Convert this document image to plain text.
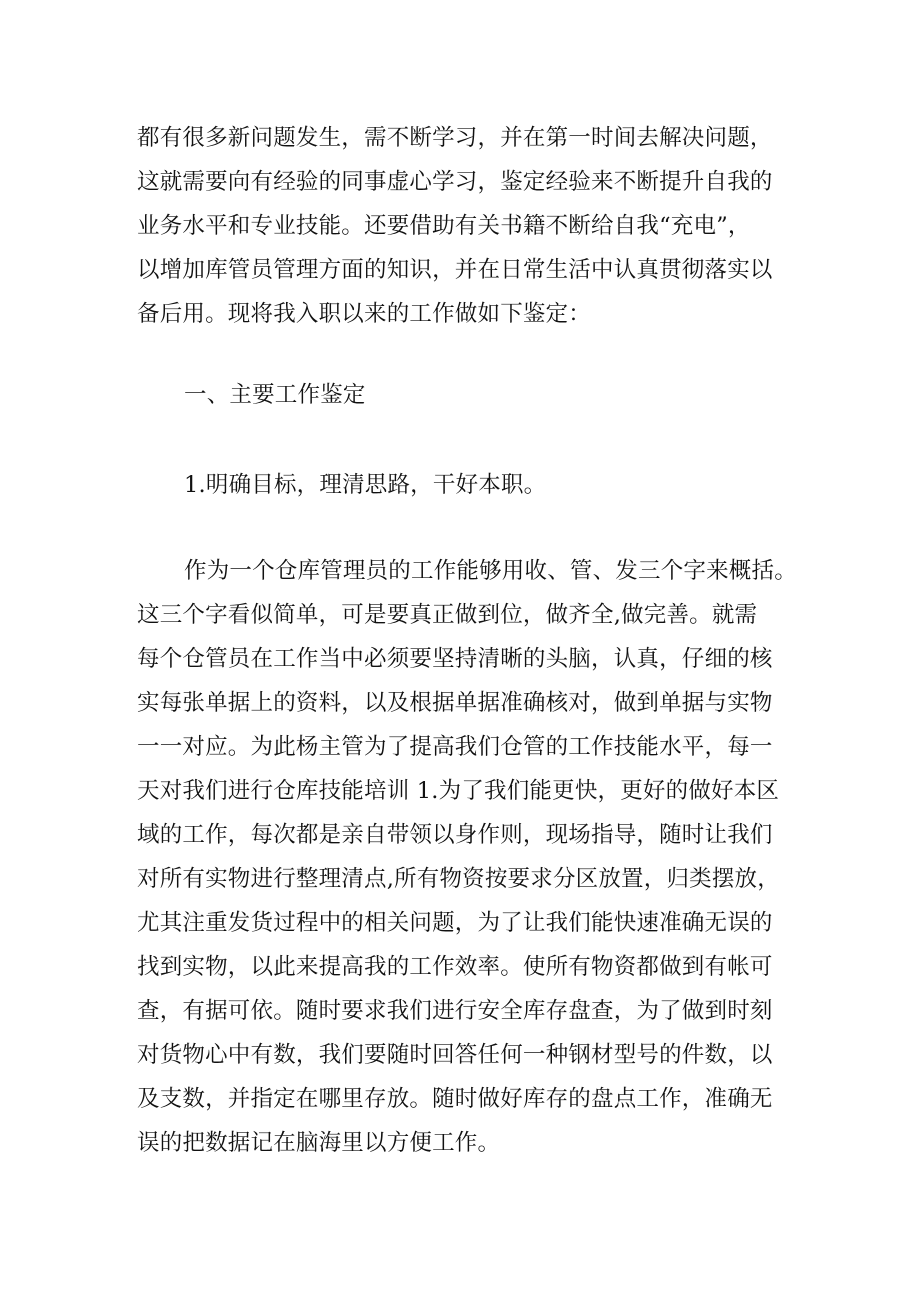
都有很多新问题发生，需不断学习，并在第一时间去解决问题，
这就需要向有经验的同事虚心学习，鉴定经验来不断提升自我的
业务水平和专业技能。还要借助有关书籍不断给自我“充电”，
以增加库管员管理方面的知识，并在日常生活中认真贯彻落实以
备后用。现将我入职以来的工作做如下鉴定：
一、主要工作鉴定
1.明确目标，理清思路，干好本职。
作为一个仓库管理员的工作能够用收、管、发三个字来概括。
这三个字看似简单，可是要真正做到位，做齐全,做完善。就需
每个仓管员在工作当中必须要坚持清晰的头脑，认真，仔细的核
实每张单据上的资料，以及根据单据准确核对，做到单据与实物
一一对应。为此杨主管为了提高我们仓管的工作技能水平，每一
天对我们进行仓库技能培训 1.为了我们能更快，更好的做好本区
域的工作，每次都是亲自带领以身作则，现场指导，随时让我们
对所有实物进行整理清点,所有物资按要求分区放置，归类摆放，
尤其注重发货过程中的相关问题，为了让我们能快速准确无误的
找到实物，以此来提高我的工作效率。使所有物资都做到有帐可
查，有据可依。随时要求我们进行安全库存盘查，为了做到时刻
对货物心中有数，我们要随时回答任何一种钢材型号的件数，以
及支数，并指定在哪里存放。随时做好库存的盘点工作，准确无
误的把数据记在脑海里以方便工作。
